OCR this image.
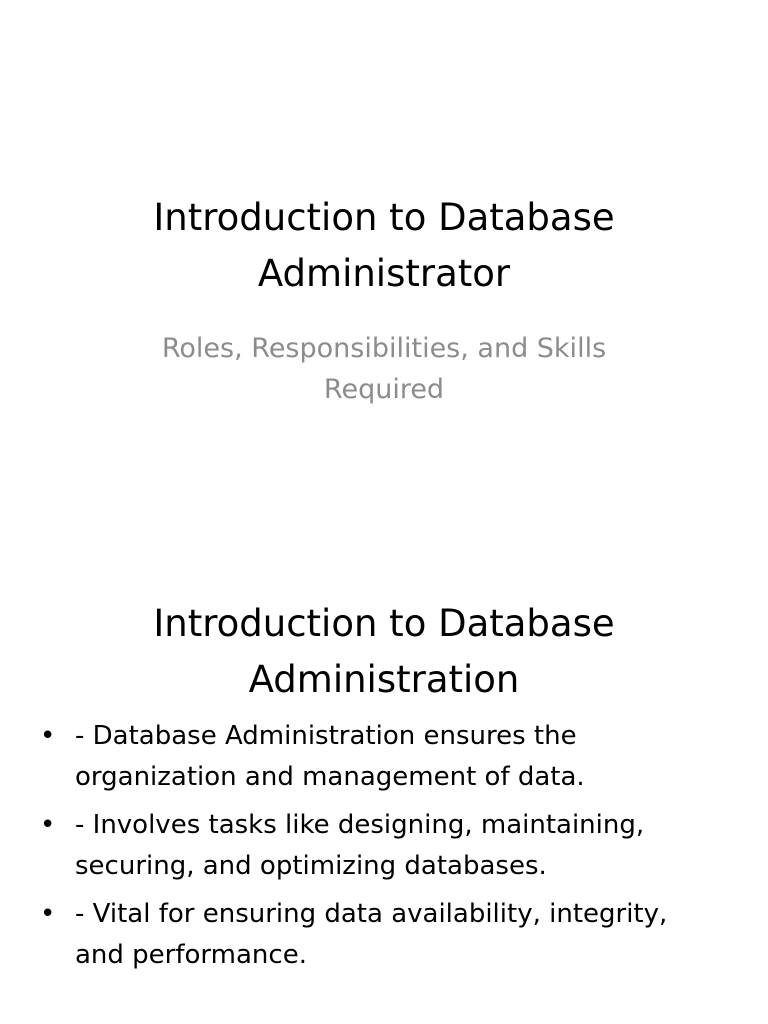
Introduction to Database Administrator

Roles, Responsibilities, and Skills Required

Introduction to Database Administration
• - Database Administration ensures the organization and management of data.
• - Involves tasks like designing, maintaining, securing, and optimizing databases.
• - Vital for ensuring data availability, integrity, and performance.
